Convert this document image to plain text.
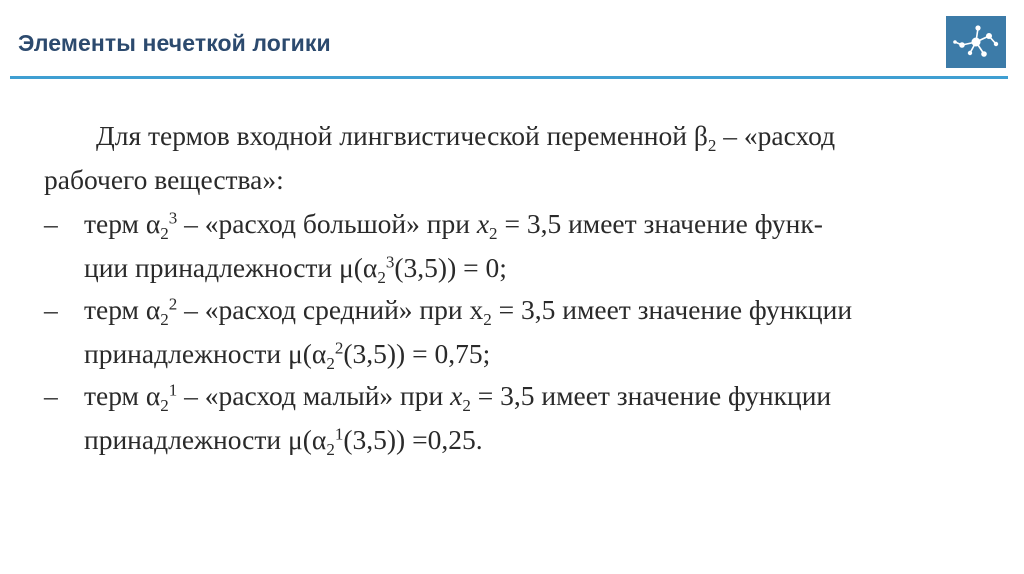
Элементы нечеткой логики
Для термов входной лингвистической переменной $\beta_2$ – «расход
рабочего вещества»:
– терм $\alpha_2^3$ – «расход большой» при $x_2 = 3,5$ имеет значение функ-
ции принадлежности $\mu(\alpha_2^3(3,5)) = 0$;
– терм $\alpha_2^2$ – «расход средний» при $x_2 = 3,5$ имеет значение функции
принадлежности $\mu(\alpha_2^2(3,5)) = 0,75$;
– терм $\alpha_2^1$ – «расход малый» при $x_2 = 3,5$ имеет значение функции
принадлежности $\mu(\alpha_2^1(3,5)) =0,25$.
